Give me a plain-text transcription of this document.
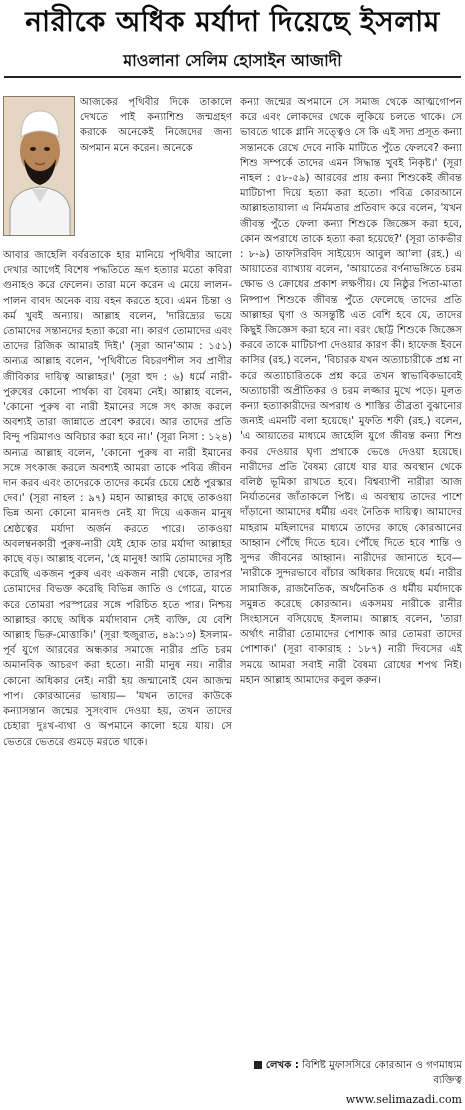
নারীকে অধিক মর্যাদা দিয়েছে ইসলাম
মাওলানা সেলিম হোসাইন আজাদী

আজকের পৃথিবীর দিকে তাকালে দেখতে পাই কন্যাশিশু জন্মগ্রহণ করাকে অনেকেই নিজেদের জন্য অপমান মনে করেন। অনেকে

আবার জাহেলি বর্বরতাকে হার মানিয়ে পৃথিবীর আলো দেখার আগেই বিশেষ পদ্ধতিতে ভ্রূণ হত্যার মতো কবিরা গুনাহও করে ফেলেন। তারা মনে করেন এ মেয়ে লালন-পালন বাবদ অনেক ব্যয় বহন করতে হবে। এমন চিন্তা ও কর্ম খুবই অন্যায়। আল্লাহ বলেন, 'দারিদ্র্যের ভয়ে তোমাদের সন্তানদের হত্যা করো না। কারণ তোমাদের এবং তাদের রিজিক আমারই দিই।' (সূরা আন'আম : ১৫১) অন্যত্র আল্লাহ বলেন, 'পৃথিবীতে বিচরণশীল সব প্রাণীর জীবিকার দায়িত্ব আল্লাহর।' (সূরা হুদ : ৬) ধর্মে নারী-পুরুষের কোনো পার্থক্য বা বৈষম্য নেই। আল্লাহ বলেন, 'কোনো পুরুষ বা নারী ইমানের সঙ্গে সৎ কাজ করলে অবশ্যই তারা জান্নাতে প্রবেশ করবে। আর তাদের প্রতি বিন্দু পরিমাণও অবিচার করা হবে না।' (সূরা নিসা : ১২৪) অন্যত্র আল্লাহ বলেন, 'কোনো পুরুষ বা নারী ইমানের সঙ্গে সৎকাজ করলে অবশ্যই আমরা তাকে পবিত্র জীবন দান করব এবং তাদেরকে তাদের কর্মের চেয়ে শ্রেষ্ঠ পুরস্কার দেব।' (সূরা নাহল : ৯৭) মহান আল্লাহর কাছে তাকওয়া ভিন্ন অন্য কোনো মানদণ্ড নেই যা দিয়ে একজন মানুষ শ্রেষ্ঠত্বের মর্যাদা অর্জন করতে পারে। তাকওয়া অবলম্বনকারী পুরুষ-নারী যেই হোক তার মর্যাদা আল্লাহর কাছে বড়। আল্লাহ বলেন, 'হে মানুষ! আমি তোমাদের সৃষ্টি করেছি একজন পুরুষ এবং একজন নারী থেকে, তারপর তোমাদের বিভক্ত করেছি বিভিন্ন জাতি ও গোত্রে, যাতে করে তোমরা পরস্পরের সঙ্গে পরিচিত হতে পার। নিশ্চয় আল্লাহর কাছে অধিক মর্যাদাবান সেই ব্যক্তি, যে বেশি আল্লাহ ভিরু-মোত্তাকি।' (সূরা হুজুরাত, ৪৯:১৩) ইসলাম-পূর্ব যুগে আরবের অন্ধকার সমাজে নারীর প্রতি চরম অমানবিক আচরণ করা হতো। নারী মানুষ নয়। নারীর কোনো অধিকার নেই। নারী হয় জন্মানোই যেন আজন্ম পাপ। কোরআনের ভাষায়— 'যখন তাদের কাউকে কন্যাসন্তান জন্মের সুসংবাদ দেওয়া হয়, তখন তাদের চেহারা দুঃখ-ব্যথা ও অপমানে কালো হয়ে যায়। সে ভেতরে ভেতরে গুমড়ে মরতে থাকে।

কন্যা জন্মের অপমানে সে সমাজ থেকে আত্মগোপন করে এবং লোকদের থেকে লুকিয়ে চলতে থাকে। সে ভাবতে থাকে গ্লানি সত্ত্বেও সে কি এই সদ্য প্রসূত কন্যা সন্তানকে রেখে দেবে নাকি মাটিতে পুঁতে ফেলবে? কন্যা শিশু সম্পর্কে তাদের এমন সিদ্ধান্ত খুবই নিকৃষ্ট।' (সূরা নাহল : ৫৮-৫৯) আরবের প্রায় কন্যা শিশুকেই জীবন্ত মাটিচাপা দিয়ে হত্যা করা হতো। পবিত্র কোরআনে আল্লাহতায়ালা এ নির্মমতার প্রতিবাদ করে বলেন, 'যখন জীবন্ত পুঁতে ফেলা কন্যা শিশুকে জিজ্ঞেস করা হবে, কোন অপরাধে তাকে হত্যা করা হয়েছে?' (সূরা তাকভীর : ৮-৯) তাফসিরবিদ সাইয়্যেদ আবুল আ'লা (রহ.) এ আয়াতের ব্যাখ্যায় বলেন, 'আয়াতের বর্ণনাভঙ্গিতে চরম ক্ষোভ ও ক্রোধের প্রকাশ লক্ষণীয়। যে নিষ্ঠুর পিতা-মাতা নিষ্পাপ শিশুকে জীবন্ত পুঁতে ফেলেছে তাদের প্রতি আল্লাহর ঘৃণা ও অসন্তুষ্টি এত বেশি হবে যে, তাদের কিছুই জিজ্ঞেস করা হবে না। বরং ছোট্ট শিশুকে জিজ্ঞেস করবে তাকে মাটিচাপা দেওয়ার কারণ কী। হাফেজ ইবনে কাসির (রহ.) বলেন, 'বিচারক যখন অত্যাচারীকে প্রশ্ন না করে অত্যাচারিতকে প্রশ্ন করে তখন স্বাভাবিকভাবেই অত্যাচারী অপ্রীতিকর ও চরম লজ্জার মুখে পড়ে। মূলত কন্যা হত্যাকারীদের অপরাধ ও শাস্তির তীব্রতা বুঝানোর জন্যই এমনটি বলা হয়েছে।' মুফতি শফী (রহ.) বলেন, 'এ আয়াতের মাধ্যমে জাহেলি যুগে জীবন্ত কন্যা শিশু কবর দেওয়ার ঘৃণ্য প্রথাকে ভেঙে দেওয়া হয়েছে। নারীদের প্রতি বৈষম্য রোধে যার যার অবস্থান থেকে বলিষ্ঠ ভূমিকা রাখতে হবে। বিশ্বব্যাপী নারীরা আজ নির্যাতনের জাঁতাকলে পিষ্ট। এ অবস্থায় তাদের পাশে দাঁড়ানো আমাদের ধর্মীয় এবং নৈতিক দায়িত্ব। আমাদের মাহরাম মহিলাদের মাধ্যমে তাদের কাছে কোরআনের আহ্বান পৌঁছে দিতে হবে। পৌঁছে দিতে হবে শান্তি ও সুন্দর জীবনের আহ্বান। নারীদের জানাতে হবে— 'নারীকে সুন্দরভাবে বাঁচার অধিকার দিয়েছে ধর্ম। নারীর সামাজিক, রাজনৈতিক, অর্থনৈতিক ও ধর্মীয় মর্যাদাকে সমুন্নত করেছে কোরআন। একসময় নারীকে রানীর সিংহাসনে বসিয়েছে ইসলাম। আল্লাহ বলেন, 'তারা অর্থাৎ নারীরা তোমাদের পোশাক আর তোমরা তাদের পোশাক।' (সূরা বাকারাহ : ১৮৭) নারী দিবসের এই সময়ে আমরা সবাই নারী বৈষম্য রোধের শপথ নিই। মহান আল্লাহ আমাদের কবুল করুন।

লেখক : বিশিষ্ট মুফাসসিরে কোরআন ও গণমাধ্যম ব্যক্তিত্ব
www.selimazadi.com
